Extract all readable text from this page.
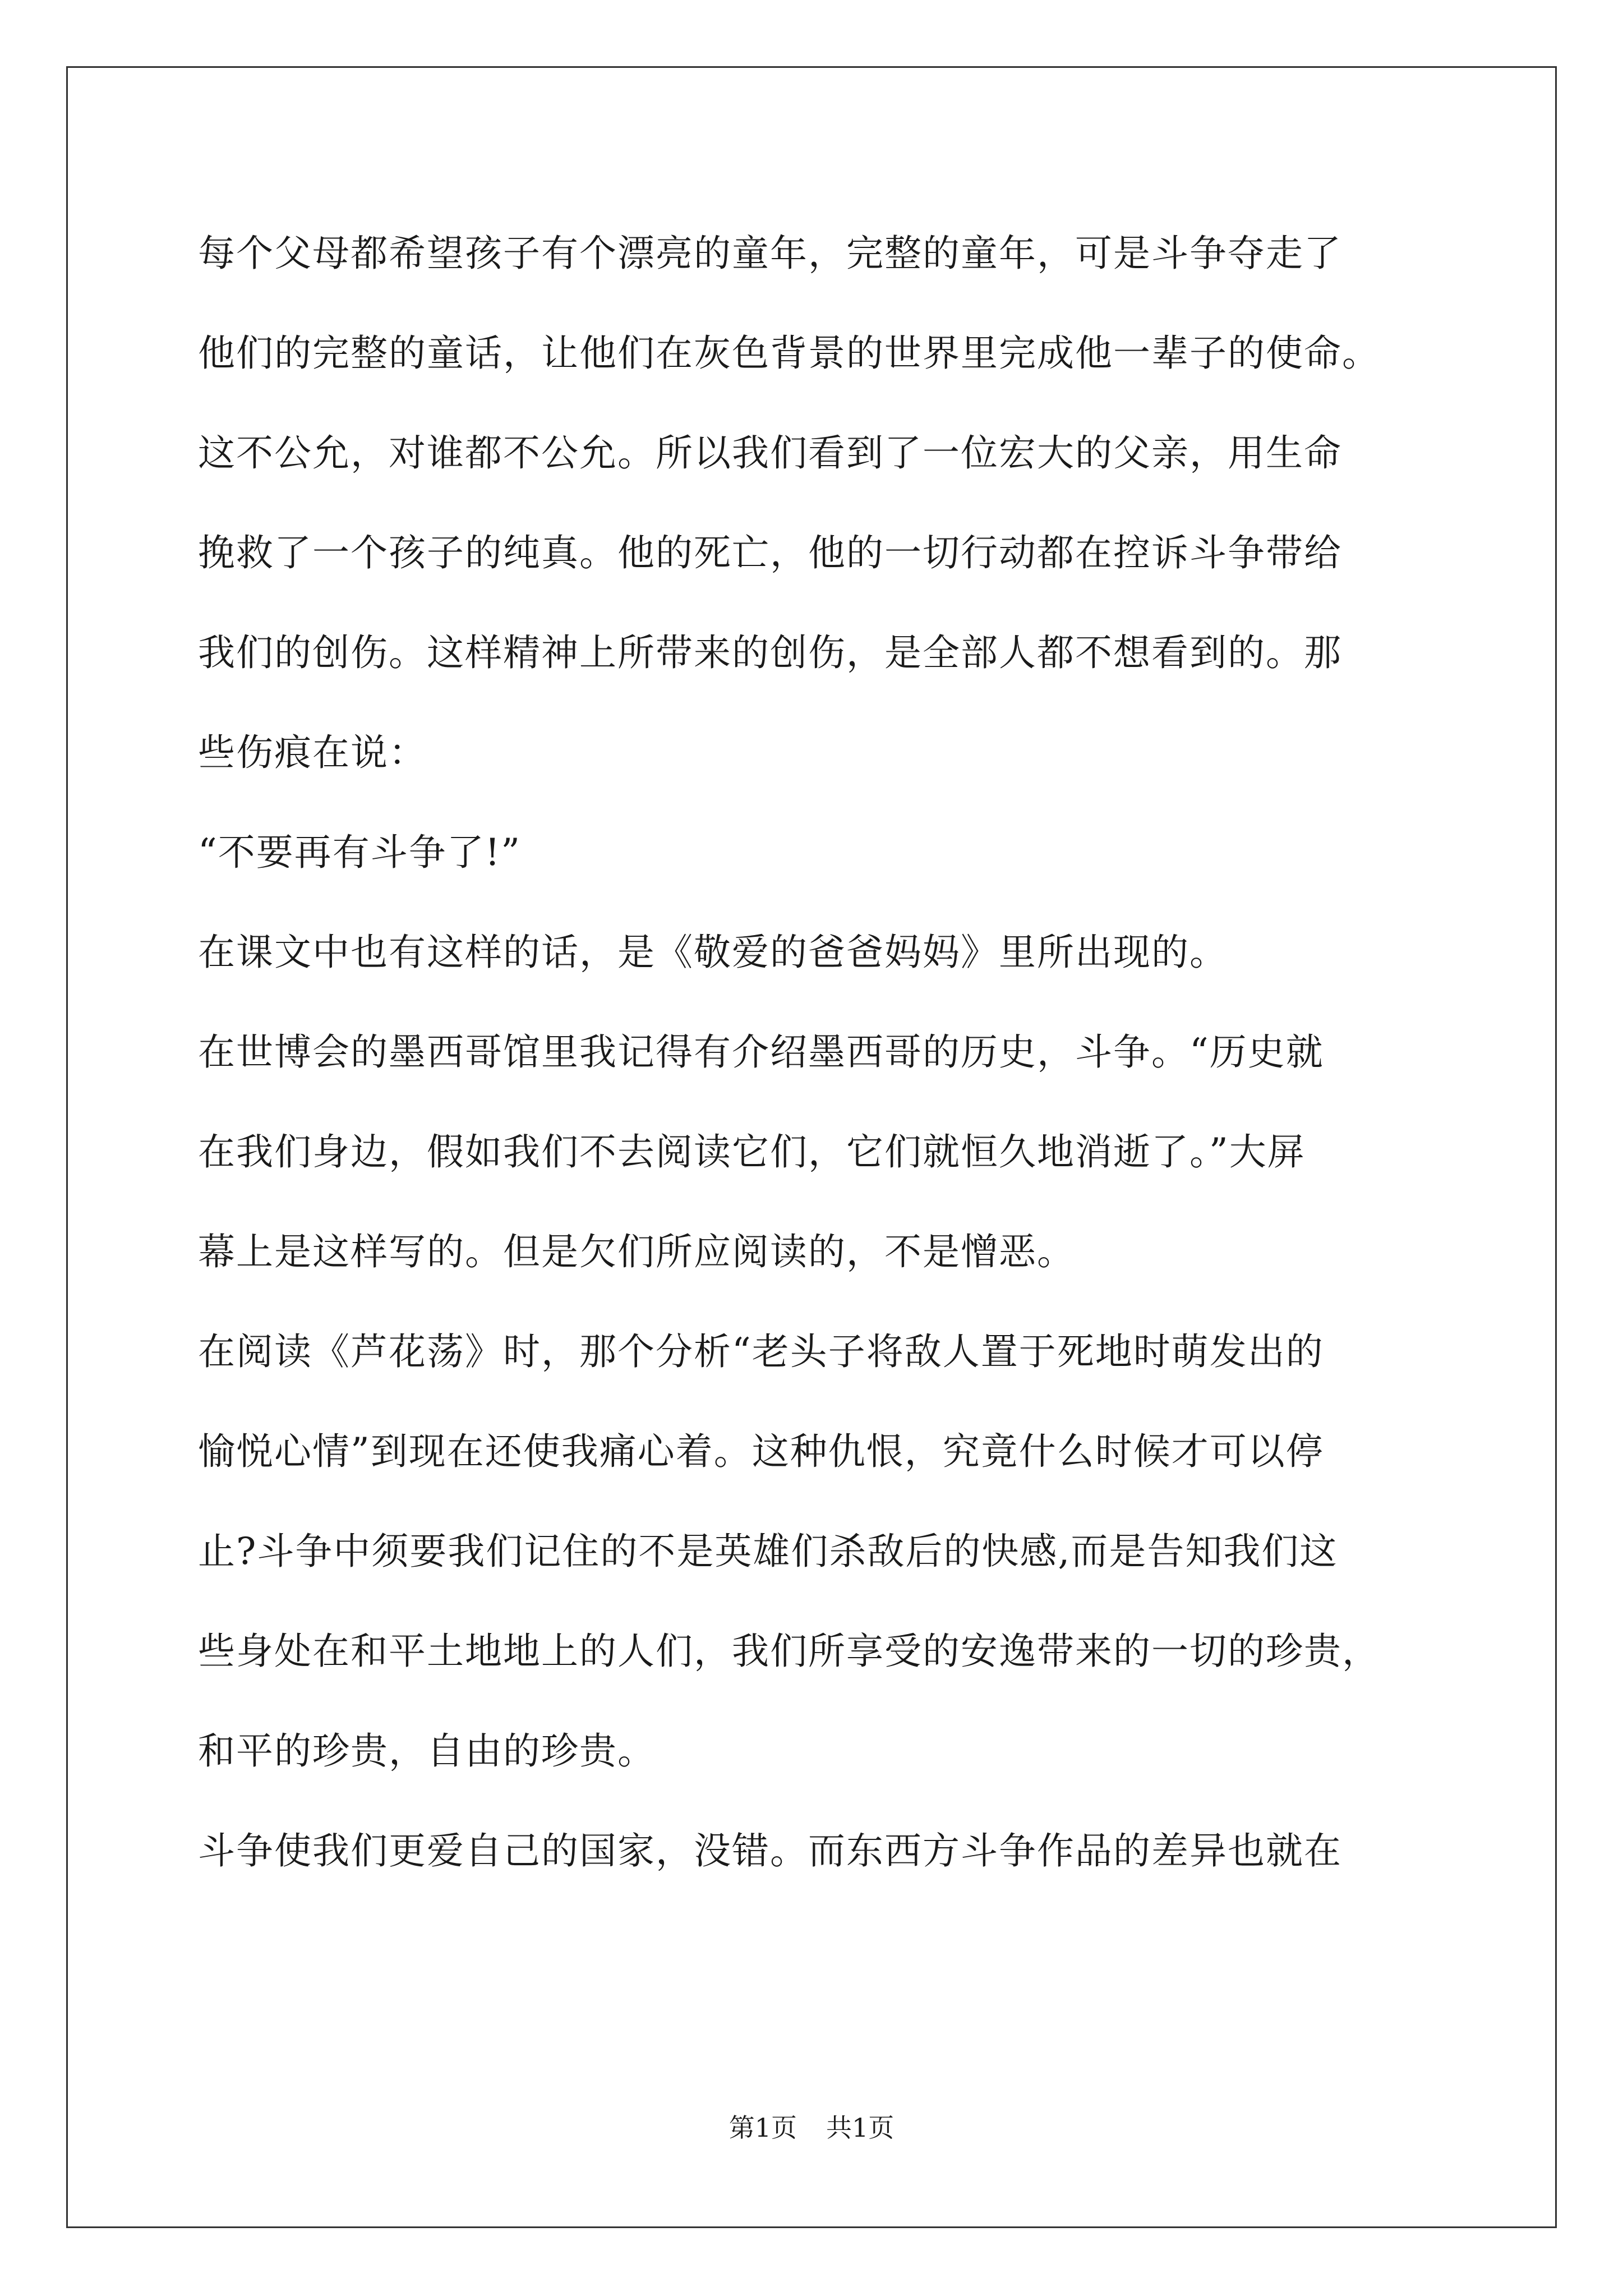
每个父母都希望孩子有个漂亮的童年，完整的童年，可是斗争夺走了

他们的完整的童话，让他们在灰色背景的世界里完成他一辈子的使命。

这不公允，对谁都不公允。所以我们看到了一位宏大的父亲，用生命

挽救了一个孩子的纯真。他的死亡，他的一切行动都在控诉斗争带给

我们的创伤。这样精神上所带来的创伤，是全部人都不想看到的。那

些伤痕在说：

“不要再有斗争了!”

在课文中也有这样的话，是《敬爱的爸爸妈妈》里所出现的。

在世博会的墨西哥馆里我记得有介绍墨西哥的历史，斗争。“历史就

在我们身边，假如我们不去阅读它们，它们就恒久地消逝了。”大屏

幕上是这样写的。但是欠们所应阅读的，不是憎恶。

在阅读《芦花荡》时，那个分析“老头子将敌人置于死地时萌发出的

愉悦心情”到现在还使我痛心着。这种仇恨，究竟什么时候才可以停

止?斗争中须要我们记住的不是英雄们杀敌后的快感,而是告知我们这

些身处在和平土地地上的人们，我们所享受的安逸带来的一切的珍贵，

和平的珍贵，自由的珍贵。

斗争使我们更爱自己的国家，没错。而东西方斗争作品的差异也就在

第1页 共1页
